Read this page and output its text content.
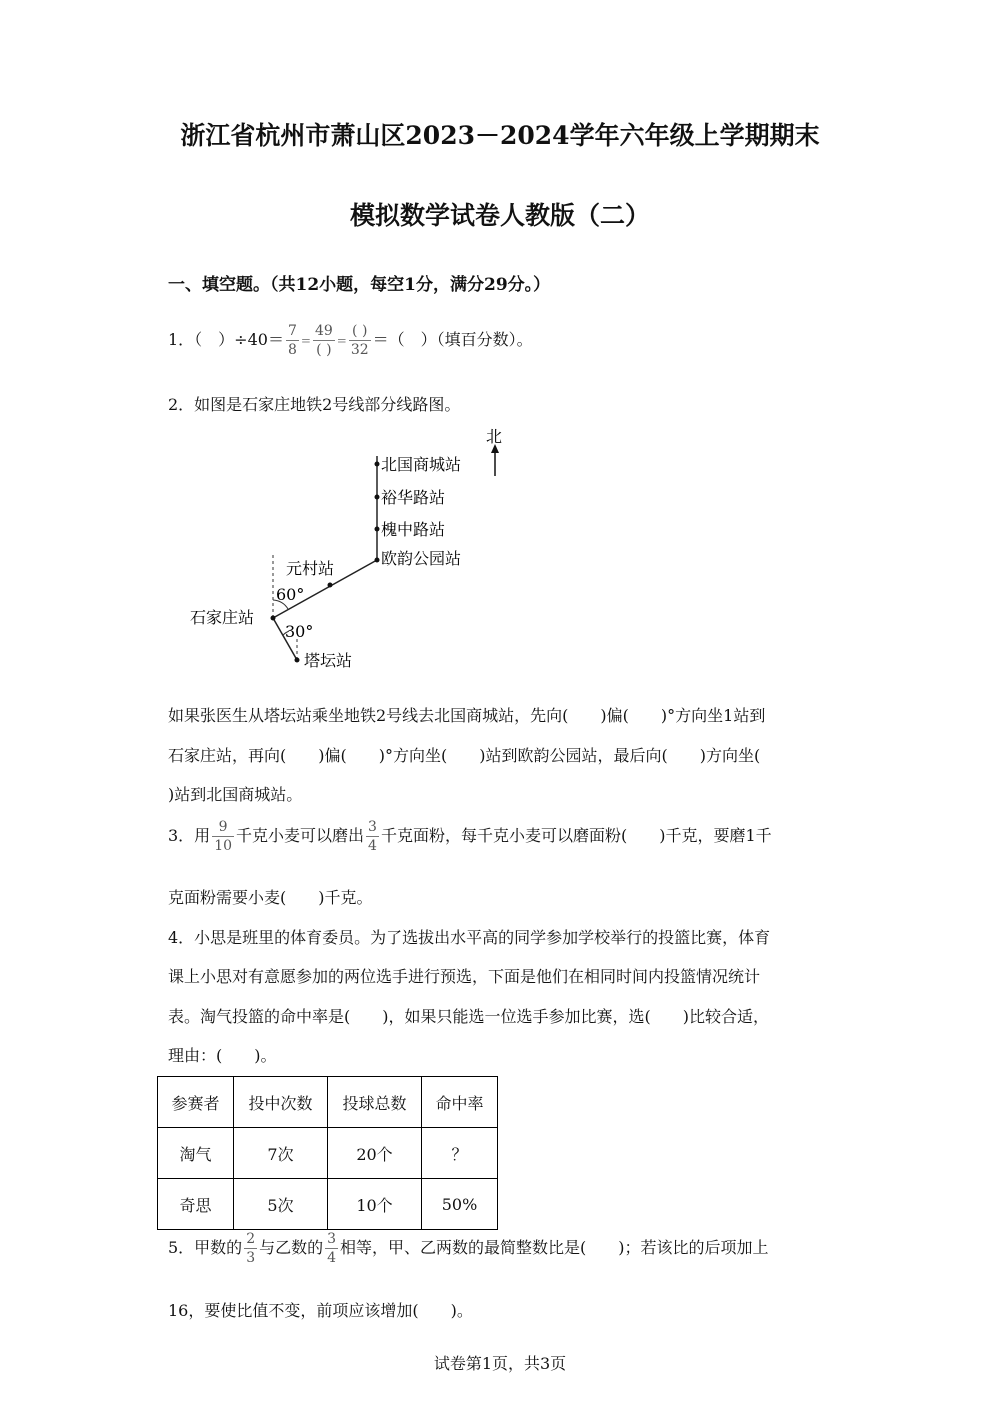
浙江省杭州市萧山区2023－2024学年六年级上学期期末
模拟数学试卷人教版（二）
一、填空题。（共12小题，每空1分，满分29分。）
1．（　）$\div 40= \frac{7}{8} = \frac{49}{( )} = \frac{( )}{32}$ ＝（　）（填百分数）。
2．如图是石家庄地铁2号线部分线路图。
北
北国商城站
裕华路站
槐中路站
欧韵公园站
元村站
石家庄站
塔坛站
60°
30°
如果张医生从塔坛站乘坐地铁2号线去北国商城站，先向(　　)偏(　　)°方向坐1站到
石家庄站，再向(　　)偏(　　)°方向坐(　　)站到欧韵公园站，最后向(　　)方向坐(
)站到北国商城站。
3．用 $\frac{9}{10}$ 千克小麦可以磨出 $\frac{3}{4}$ 千克面粉，每千克小麦可以磨面粉(　　)千克，要磨1千
克面粉需要小麦(　　)千克。
4．小思是班里的体育委员。为了选拔出水平高的同学参加学校举行的投篮比赛，体育
课上小思对有意愿参加的两位选手进行预选，下面是他们在相同时间内投篮情况统计
表。淘气投篮的命中率是(　　)，如果只能选一位选手参加比赛，选(　　)比较合适，
理由：(　　)。
参赛者	投中次数	投球总数	命中率
淘气	7次	20个	？
奇思	5次	10个	50%
5．甲数的 $\frac{2}{3}$ 与乙数的 $\frac{3}{4}$ 相等，甲、乙两数的最简整数比是(　　)；若该比的后项加上
16，要使比值不变，前项应该增加(　　)。
试卷第1页，共3页
